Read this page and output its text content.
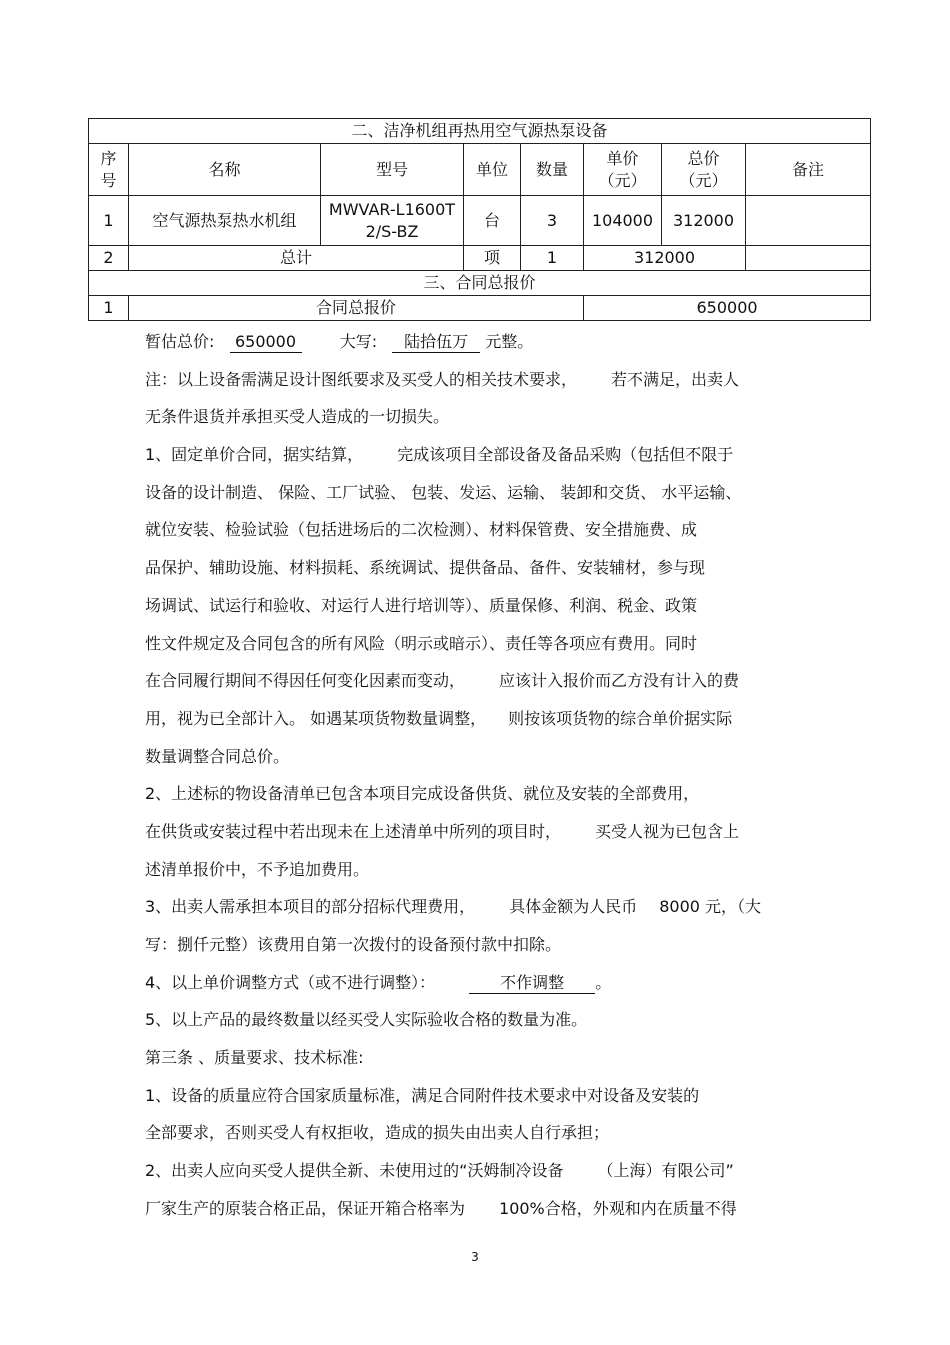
二、洁净机组再热用空气源热泵设备							
序号	名称	型号	单位	数量	单价（元）	总价（元）	备注
1	空气源热泵热水机组	MWVAR-L1600T2/S-BZ	台	3	104000	312000	
2	总计		项	1	312000		
三、合同总报价							
1	合同总报价				650000		
暂估总价: 650000	大写: 陆拾伍万 元整。
注：以上设备需满足设计图纸要求及买受人的相关技术要求， 若不满足，出卖人
无条件退货并承担买受人造成的一切损失。
1、固定单价合同，据实结算， 完成该项目全部设备及备品采购（包括但不限于
设备的设计制造、 保险、工厂试验、 包装、发运、运输、 装卸和交货、 水平运输、
就位安装、检验试验（包括进场后的二次检测）、材料保管费、安全措施费、成
品保护、辅助设施、材料损耗、系统调试、提供备品、备件、安装辅材，参与现
场调试、试运行和验收、对运行人进行培训等）、质量保修、利润、税金、政策
性文件规定及合同包含的所有风险（明示或暗示）、责任等各项应有费用。同时
在合同履行期间不得因任何变化因素而变动， 应该计入报价而乙方没有计入的费
用，视为已全部计入。 如遇某项货物数量调整， 则按该项货物的综合单价据实际
数量调整合同总价。
2、上述标的物设备清单已包含本项目完成设备供货、就位及安装的全部费用，
在供货或安装过程中若出现未在上述清单中所列的项目时， 买受人视为已包含上
述清单报价中，不予追加费用。
3、出卖人需承担本项目的部分招标代理费用， 具体金额为人民币 8000 元，（大
写：捌仟元整）该费用自第一次拨付的设备预付款中扣除。
4、以上单价调整方式（或不进行调整）：	不作调整 。
5、以上产品的最终数量以经买受人实际验收合格的数量为准。
第三条 、质量要求、技术标准:
1、设备的质量应符合国家质量标准，满足合同附件技术要求中对设备及安装的
全部要求，否则买受人有权拒收，造成的损失由出卖人自行承担；
2、出卖人应向买受人提供全新、未使用过的“沃姆制冷设备 （上海）有限公司”
厂家生产的原装合格正品，保证开箱合格率为 100%合格，外观和内在质量不得
3
